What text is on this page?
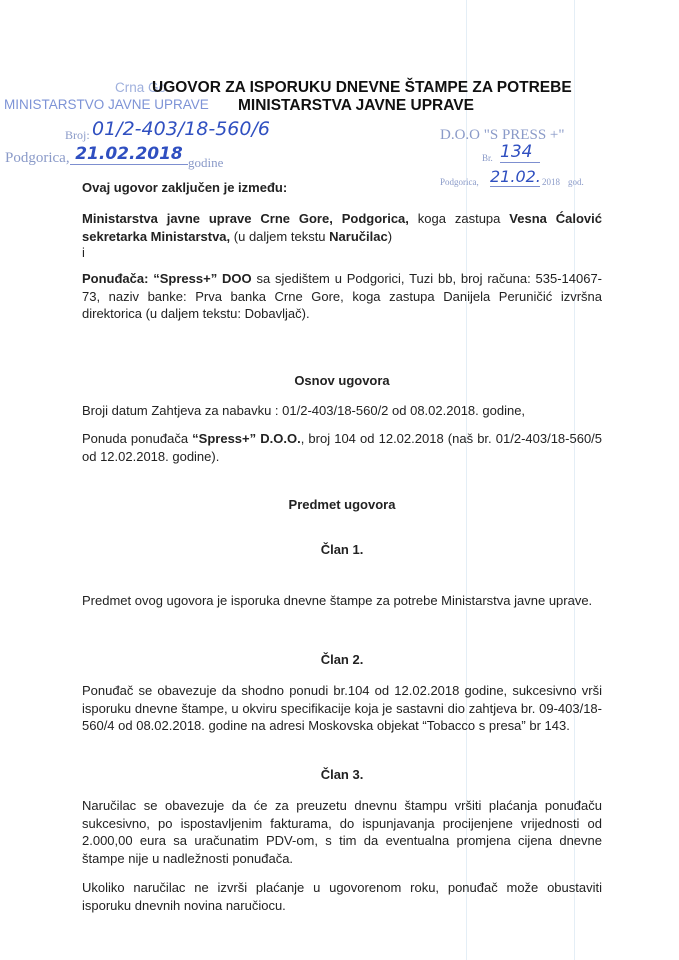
Crna Go
UGOVOR ZA ISPORUKU DNEVNE ŠTAMPE ZA POTREBE
MINISTARSTVO JAVNE UPRAVE MINISTARSTVA JAVNE UPRAVE
Broj: 01/2-403/18-560/6
Podgorica, 21.02.2018 godine
D.O.O "S PRESS +"
Br. 134
Podgorica, 21.02. 2018 god.
Ovaj ugovor zaključen je između:
Ministarstva javne uprave Crne Gore, Podgorica, koga zastupa Vesna Ćalović sekretarka Ministarstva, (u daljem tekstu Naručilac)
i
Ponuđača: “Spress+” DOO sa sjedištem u Podgorici, Tuzi bb, broj računa: 535-14067-73, naziv banke: Prva banka Crne Gore, koga zastupa Danijela Peruničić izvršna direktorica (u daljem tekstu: Dobavljač).
Osnov ugovora
Broji datum Zahtjeva za nabavku : 01/2-403/18-560/2 od 08.02.2018. godine,
Ponuda ponuđača “Spress+” D.O.O., broj 104 od 12.02.2018 (naš br. 01/2-403/18-560/5 od 12.02.2018. godine).
Predmet ugovora
Član 1.
Predmet ovog ugovora je isporuka dnevne štampe za potrebe Ministarstva javne uprave.
Član 2.
Ponuđač se obavezuje da shodno ponudi br.104 od 12.02.2018 godine, sukcesivno vrši isporuku dnevne štampe, u okviru specifikacije koja je sastavni dio zahtjeva br. 09-403/18-560/4 od 08.02.2018. godine na adresi Moskovska objekat “Tobacco s presa” br 143.
Član 3.
Naručilac se obavezuje da će za preuzetu dnevnu štampu vršiti plaćanja ponuđaču sukcesivno, po ispostavljenim fakturama, do ispunjavanja procijenjene vrijednosti od 2.000,00 eura sa uračunatim PDV-om, s tim da eventualna promjena cijena dnevne štampe nije u nadležnosti ponuđača.
Ukoliko naručilac ne izvrši plaćanje u ugovorenom roku, ponuđač može obustaviti isporuku dnevnih novina naručiocu.
